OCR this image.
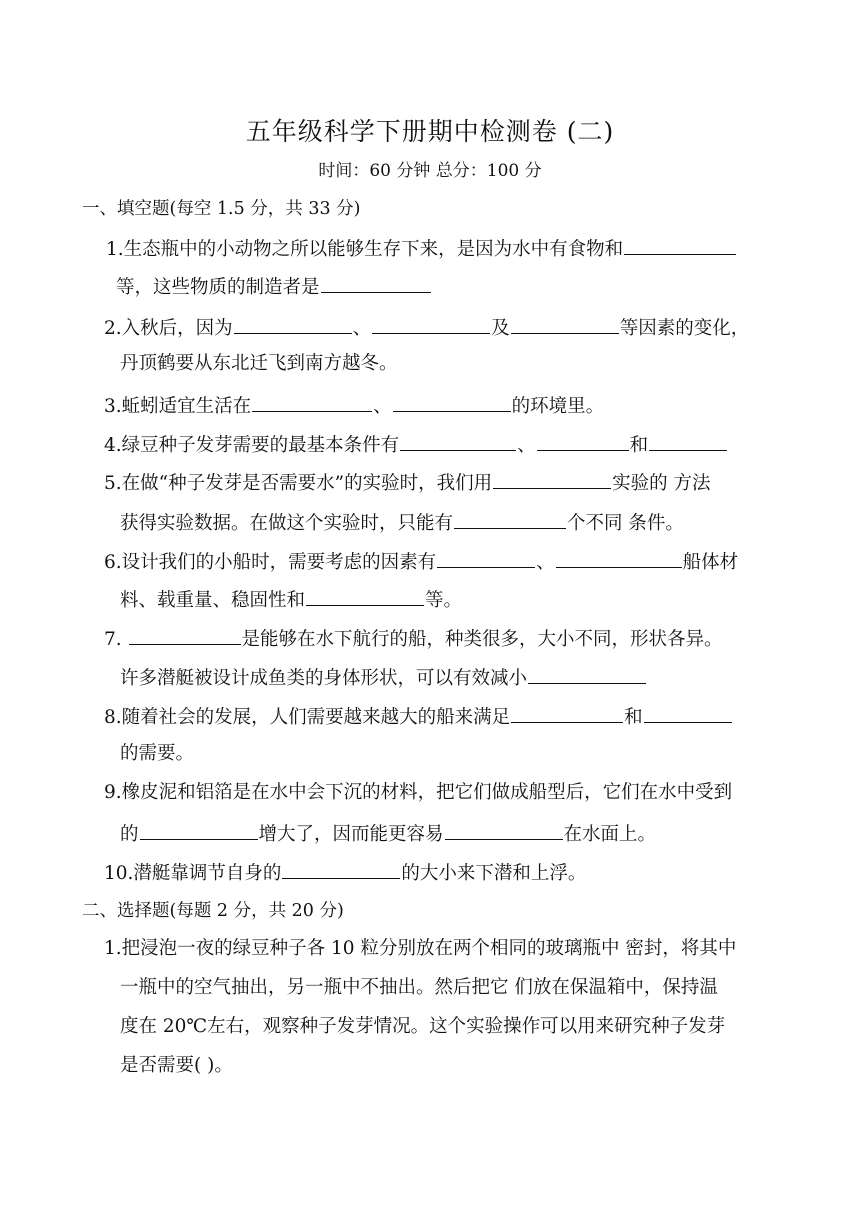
五年级科学下册期中检测卷 (二)
时间：60 分钟 总分：100 分
一、填空题(每空 1.5 分，共 33 分)
1.生态瓶中的小动物之所以能够生存下来，是因为水中有食物和
等，这些物质的制造者是
2.入秋后，因为	、	及	等因素的变化，
丹顶鹤要从东北迁飞到南方越冬。
3.蚯蚓适宜生活在	、	的环境里。
4.绿豆种子发芽需要的最基本条件有	、	和
5.在做“种子发芽是否需要水”的实验时，我们用	实验的 方法
获得实验数据。在做这个实验时，只能有	个不同 条件。
6.设计我们的小船时，需要考虑的因素有	、	船体材
料、载重量、稳固性和	等。
7.	是能够在水下航行的船，种类很多，大小不同，形状各异。
许多潜艇被设计成鱼类的身体形状，可以有效减小
8.随着社会的发展，人们需要越来越大的船来满足	和
的需要。
9.橡皮泥和铝箔是在水中会下沉的材料，把它们做成船型后，它们在水中受到
的	增大了，因而能更容易	在水面上。
10.潜艇靠调节自身的	的大小来下潜和上浮。
二、选择题(每题 2 分，共 20 分)
1.把浸泡一夜的绿豆种子各 10 粒分别放在两个相同的玻璃瓶中 密封，将其中
一瓶中的空气抽出，另一瓶中不抽出。然后把它 们放在保温箱中，保持温
度在 20℃左右，观察种子发芽情况。这个实验操作可以用来研究种子发芽
是否需要( )。
